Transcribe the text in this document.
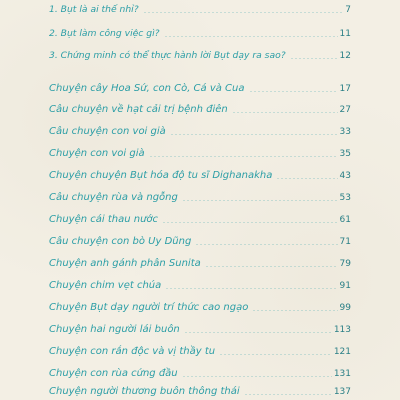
1. Bụt là ai thế nhỉ?	7
2. Bụt làm công việc gì?	11
3. Chứng minh có thể thực hành lời Bụt dạy ra sao?	12
Chuyện cây Hoa Sứ, con Cò, Cá và Cua	17
Câu chuyện về hạt cải trị bệnh điên	27
Câu chuyện con voi già	33
Chuyện con voi già	35
Chuyện chuyện Bụt hóa độ tu sĩ Dighanakha	43
Câu chuyện rùa và ngỗng	53
Chuyện cái thau nước	61
Câu chuyện con bò Uy Dũng	71
Chuyện anh gánh phân Sunita	79
Chuyện chim vẹt chúa	91
Chuyện Bụt dạy người trí thức cao ngạo	99
Chuyện hai người lái buôn	113
Chuyện con rắn độc và vị thầy tu	121
Chuyện con rùa cứng đầu	131
Chuyện người thương buôn thông thái	137
